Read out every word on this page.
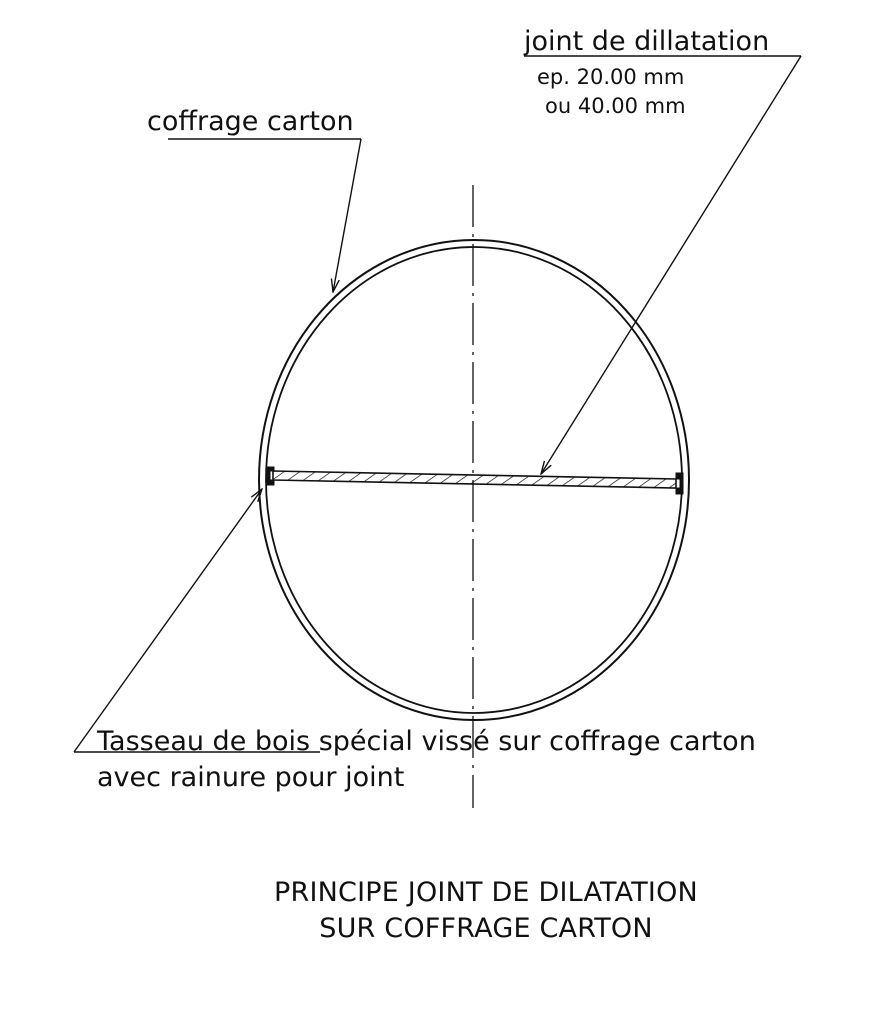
joint de dillatation
ep. 20.00 mm
ou 40.00 mm
coffrage carton
Tasseau de bois spécial vissé sur coffrage carton
avec rainure pour joint
PRINCIPE JOINT DE DILATATION
SUR COFFRAGE CARTON
